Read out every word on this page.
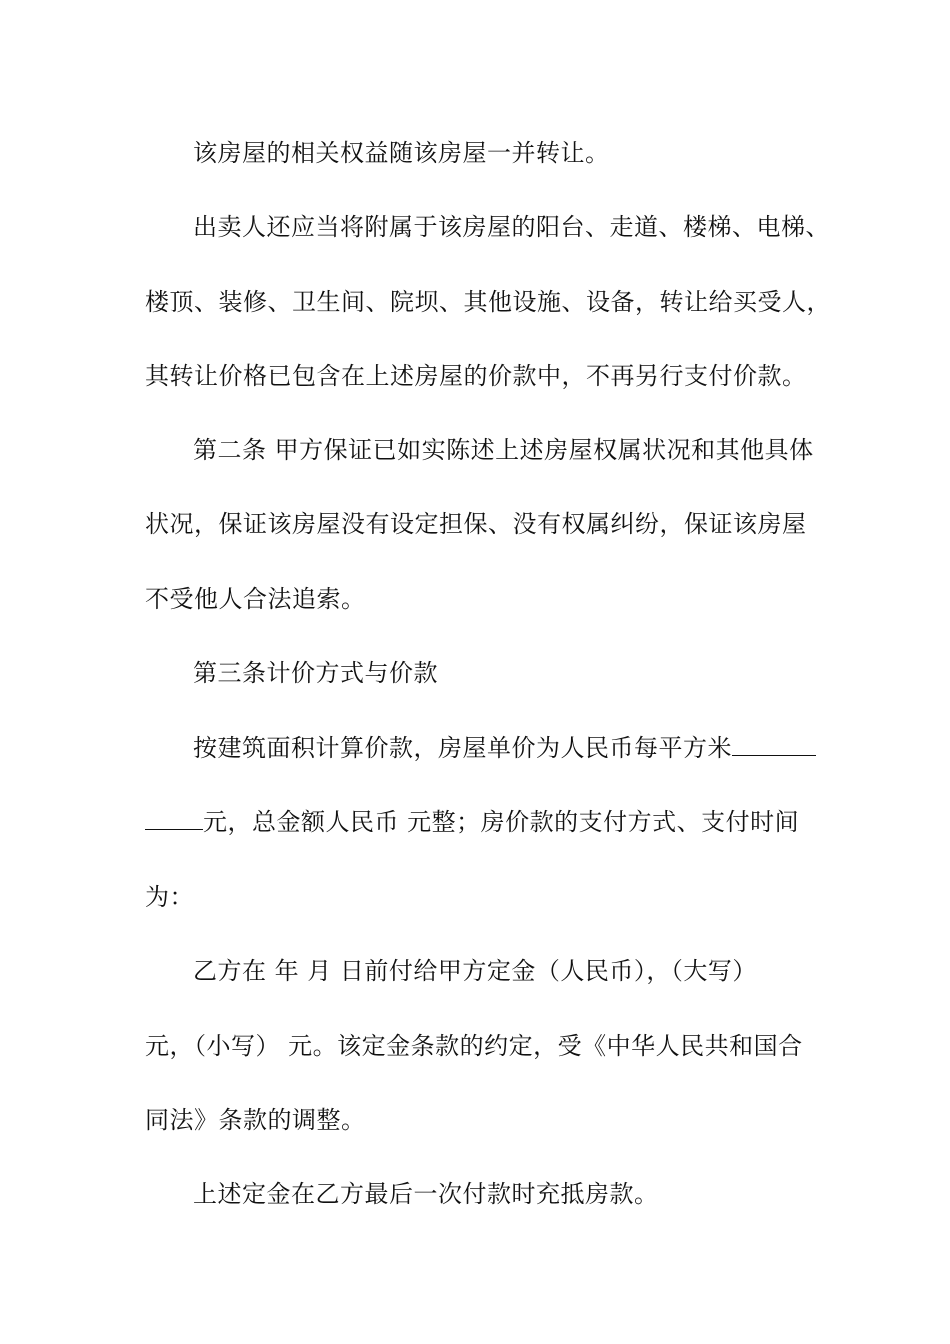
该房屋的相关权益随该房屋一并转让。
出卖人还应当将附属于该房屋的阳台、走道、楼梯、电梯、
楼顶、装修、卫生间、院坝、其他设施、设备，转让给买受人，
其转让价格已包含在上述房屋的价款中，不再另行支付价款。
第二条 甲方保证已如实陈述上述房屋权属状况和其他具体
状况，保证该房屋没有设定担保、没有权属纠纷，保证该房屋
不受他人合法追索。
第三条计价方式与价款
按建筑面积计算价款，房屋单价为人民币每平方米
元，总金额人民币 元整；房价款的支付方式、支付时间
为：
乙方在 年 月 日前付给甲方定金（人民币），（大写）
元，（小写） 元。该定金条款的约定，受《中华人民共和国合
同法》条款的调整。
上述定金在乙方最后一次付款时充抵房款。
